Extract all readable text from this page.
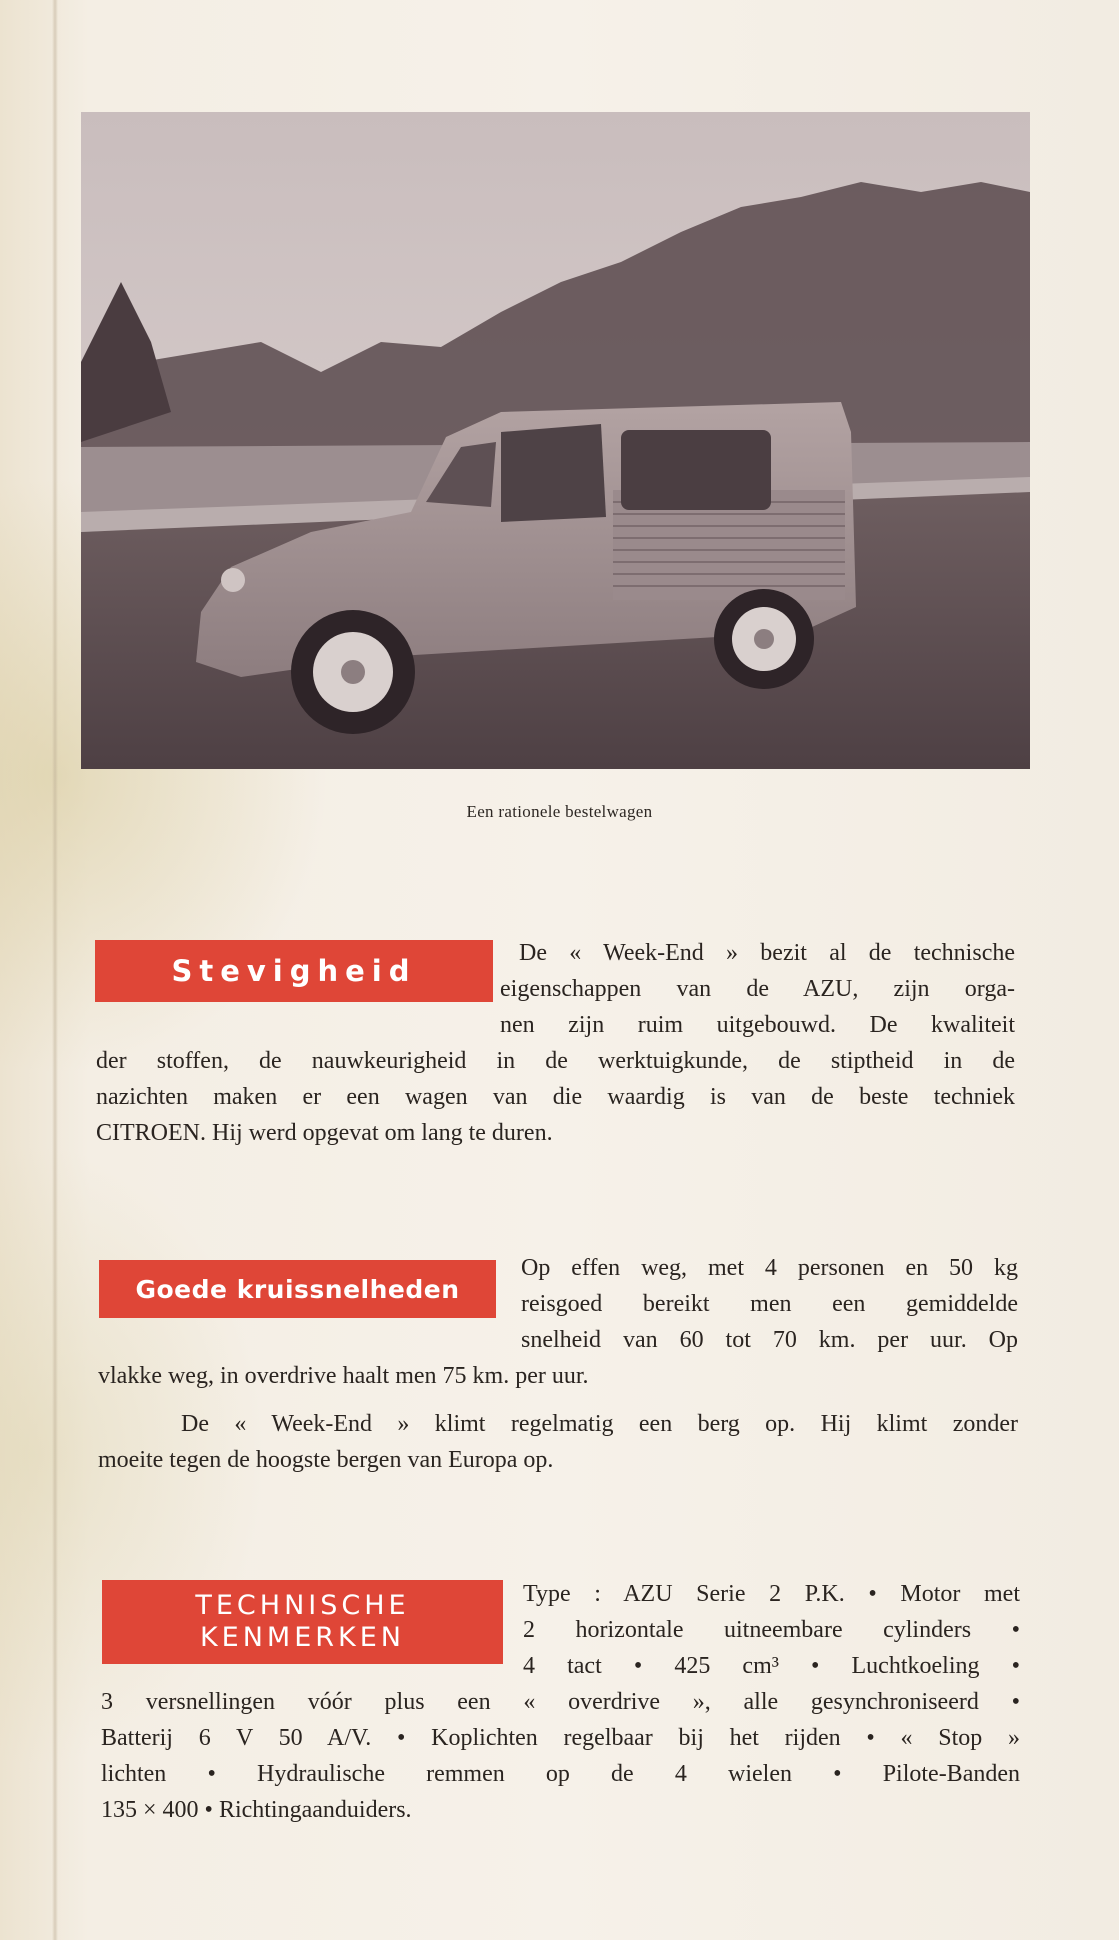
Een rationele bestelwagen
Stevigheid
De « Week-End » bezit al de technische
eigenschappen van de AZU, zijn orga-
nen zijn ruim uitgebouwd. De kwaliteit
der stoffen, de nauwkeurigheid in de werktuigkunde, de stiptheid in de
nazichten maken er een wagen van die waardig is van de beste techniek
CITROEN. Hij werd opgevat om lang te duren.
Goede kruissnelheden
Op effen weg, met 4 personen en 50 kg
reisgoed bereikt men een gemiddelde
snelheid van 60 tot 70 km. per uur. Op
vlakke weg, in overdrive haalt men 75 km. per uur.
De « Week-End » klimt regelmatig een berg op. Hij klimt zonder
moeite tegen de hoogste bergen van Europa op.
TECHNISCHE
KENMERKEN
Type : AZU Serie 2 P.K. • Motor met
2 horizontale uitneembare cylinders •
4 tact • 425 cm³ • Luchtkoeling •
3 versnellingen vóór plus een « overdrive », alle gesynchroniseerd •
Batterij 6 V 50 A/V. • Koplichten regelbaar bij het rijden • « Stop »
lichten • Hydraulische remmen op de 4 wielen • Pilote-Banden
135 × 400 • Richtingaanduiders.
